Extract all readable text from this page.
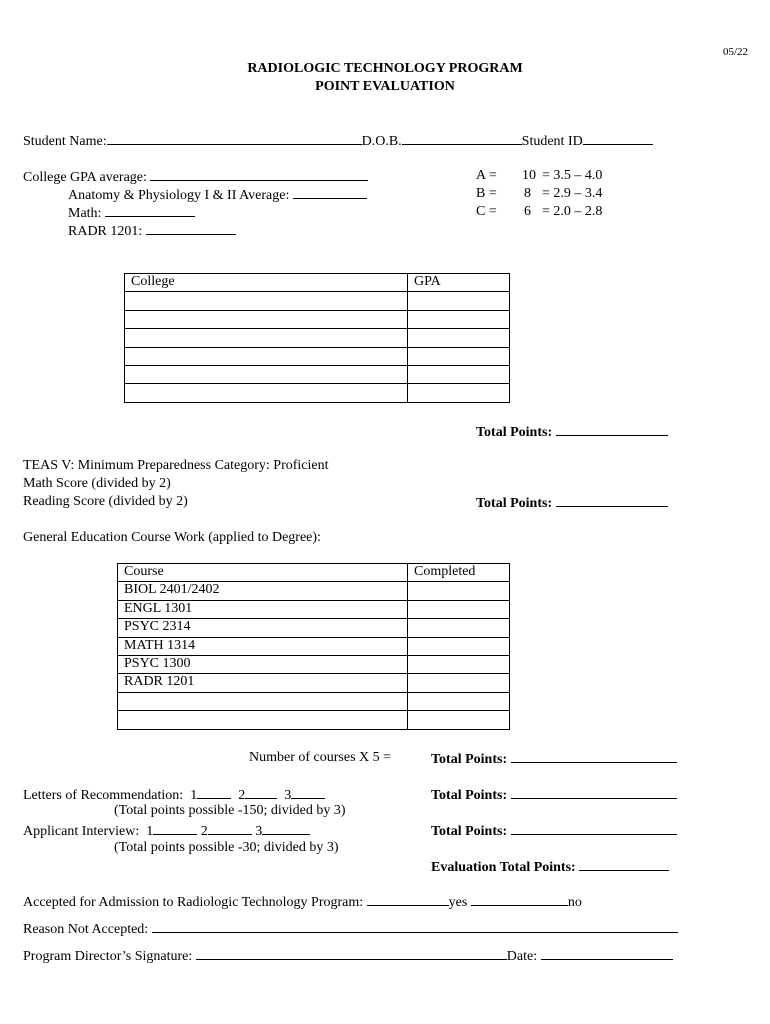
05/22
RADIOLOGIC TECHNOLOGY PROGRAM
POINT EVALUATION
Student Name:	D.O.B.	Student ID
College GPA average:
Anatomy & Physiology I & II Average:
Math:
RADR 1201:
A = 10 = 3.5 – 4.0
B = 8 = 2.9 – 3.4
C = 6 = 2.0 – 2.8
College	GPA

Total Points:
TEAS V: Minimum Preparedness Category: Proficient
Math Score (divided by 2)
Reading Score (divided by 2)	Total Points:
General Education Course Work (applied to Degree):
Course	Completed
BIOL 2401/2402	
ENGL 1301	
PSYC 2314	
MATH 1314	
PSYC 1300	
RADR 1201	

Number of courses X 5 =	Total Points:
Letters of Recommendation: 1	2	3
(Total points possible -150; divided by 3)
Total Points:
Applicant Interview: 1	2	3
(Total points possible -30; divided by 3)
Total Points:
Evaluation Total Points:
Accepted for Admission to Radiologic Technology Program:	yes	no
Reason Not Accepted:
Program Director’s Signature:	Date:
